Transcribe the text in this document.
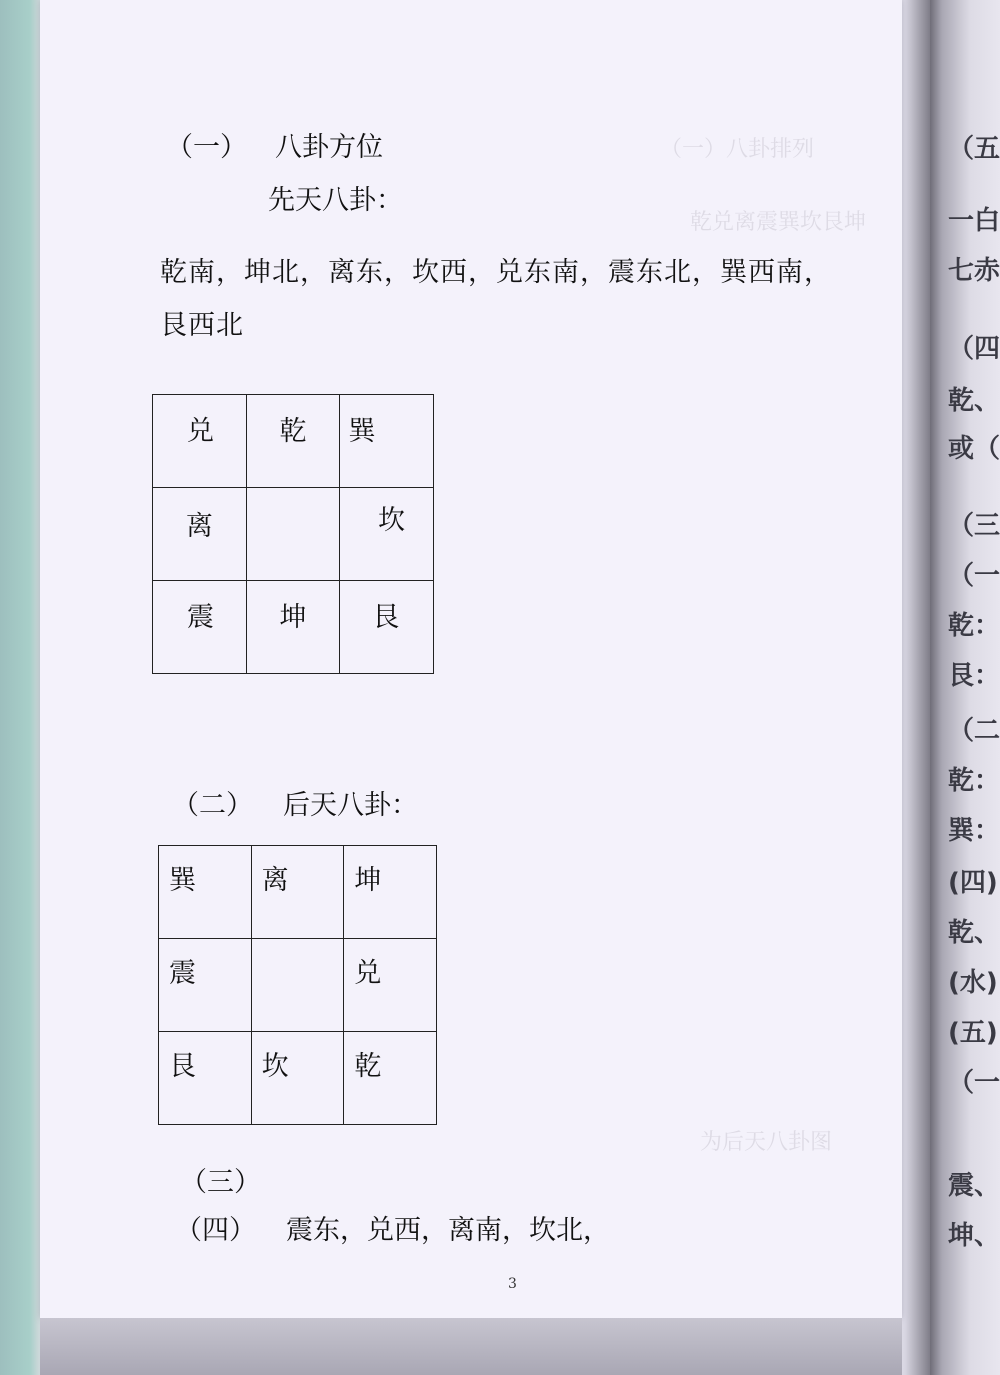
（一）八卦排列
乾兑离震巽坎艮坤
为后天八卦图
（五
一白
七赤
（四
乾、
或（
（三
（一
乾：
艮：
（二
乾：
巽：
(四)
乾、
(水)
(五)
（一
震、
坤、
（一） 八卦方位
先天八卦：
乾南，坤北，离东，坎西，兑东南，震东北，巽西南，
艮西北
兑	乾	巽

离		坎

震	坤	艮
（二） 后天八卦：
巽	离	坤

震		兑

艮	坎	乾
（三）
（四） 震东，兑西，离南，坎北，
3
